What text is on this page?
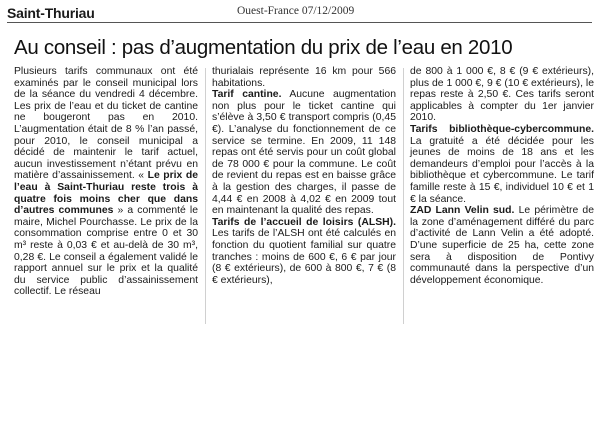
Saint-Thuriau	Ouest-France 07/12/2009
Au conseil : pas d’augmentation du prix de l’eau en 2010

Plusieurs tarifs communaux ont été examinés par le conseil municipal lors de la séance du vendredi 4 décembre. Les prix de l’eau et du ticket de cantine ne bougeront pas en 2010. L’augmentation était de 8 % l’an passé, pour 2010, le conseil municipal a décidé de maintenir le tarif actuel, aucun investissement n’étant prévu en matière d’assainissement. « Le prix de l’eau à Saint-Thuriau reste trois à quatre fois moins cher que dans d’autres communes » a commenté le maire, Michel Pourchasse. Le prix de la consommation comprise entre 0 et 30 m³ reste à 0,03 € et au-delà de 30 m³, 0,28 €. Le conseil a également validé le rapport annuel sur le prix et la qualité du service public d’assainissement collectif. Le réseau

thurialais représente 16 km pour 566 habitations.

Tarif cantine. Aucune augmentation non plus pour le ticket cantine qui s’élève à 3,50 € transport compris (0,45 €). L’analyse du fonctionnement de ce service se termine. En 2009, 11 148 repas ont été servis pour un coût global de 78 000 € pour la commune. Le coût de revient du repas est en baisse grâce à la gestion des charges, il passe de 4,44 € en 2008 à 4,02 € en 2009 tout en maintenant la qualité des repas.

Tarifs de l’accueil de loisirs (ALSH). Les tarifs de l’ALSH ont été calculés en fonction du quotient familial sur quatre tranches : moins de 600 €, 6 € par jour (8 € extérieurs), de 600 à 800 €, 7 € (8 € extérieurs),

de 800 à 1 000 €, 8 € (9 € extérieurs), plus de 1 000 €, 9 € (10 € extérieurs), le repas reste à 2,50 €. Ces tarifs seront applicables à compter du 1er janvier 2010.

Tarifs bibliothèque-cybercommune. La gratuité a été décidée pour les jeunes de moins de 18 ans et les demandeurs d’emploi pour l’accès à la bibliothèque et cybercommune. Le tarif famille reste à 15 €, individuel 10 € et 1 € la séance.

ZAD Lann Velin sud. Le périmètre de la zone d’aménagement différé du parc d’activité de Lann Velin a été adopté. D’une superficie de 25 ha, cette zone sera à disposition de Pontivy communauté dans la perspective d’un développement économique.
